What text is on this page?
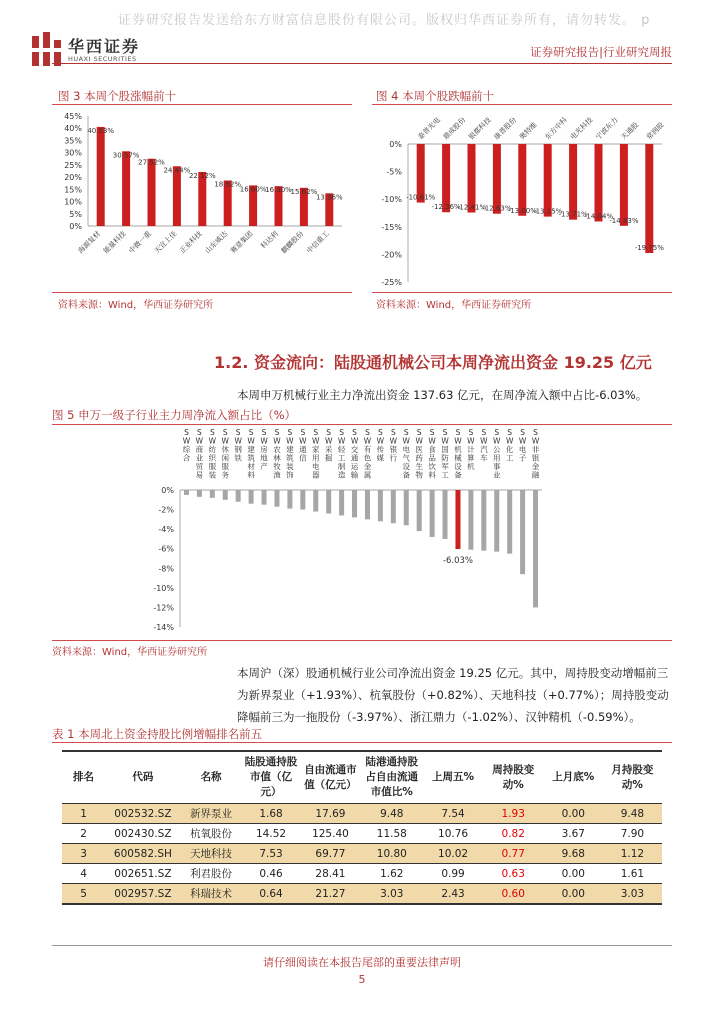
证券研究报告发送给东方财富信息股份有限公司。版权归华西证券所有，请勿转发。 p
华西证券
HUAXI SECURITIES	证券研究报告|行业研究周报
图 3 本周个股涨幅前十
45%
40%
35%
30%
25%
20%
15%
10%
5%
0%
40.53%
海源复材
30.57%
能量科技
27.52%
中微一重
24.44%
天宜上佳
22.12%
正业科技
18.62%
山东威达
16.60%
赛意集团
16.30%
科达利
15.62%
麒麟股份
13.36%
中信重工
资料来源：Wind，华西证券研究所
图 4 本周个股跌幅前十
0%
-5%
-10%
-15%
-20%
-25%
-10.61%
泰普光电
-12.36%
鼎成股份
-12.41%
银都科技
-12.63%
康普股份
-13.00%
奥特维
-13.15%
东方中科
-13.71%
电光科技
-14.04%
宁波东力
-14.83%
天通股
-19.75%
常润股
资料来源：Wind，华西证券研究所
1.2. 资金流向：陆股通机械公司本周净流出资金 19.25 亿元
本周申万机械行业主力净流出资金 137.63 亿元，在周净流入额中占比-6.03%。
图 5 申万一级子行业主力周净流入额占比（%）
0%
-2%
-4%
-6%
-8%
-10%
-12%
-14%
S W 综合
S W 商业贸易
S W 纺织服装
S W 休闲服务
S W 钢铁
S W 建筑材料
S W 房地产
S W 农林牧渔
S W 建筑装饰
S W 通信
S W 家用电器
S W 采掘
S W 轻工制造
S W 交通运输
S W 有色金属
S W 传媒
S W 银行
S W 电气设备
S W 医药生物
S W 食品饮料
S W 国防军工
S W 机械设备
-6.03%
S W 计算机
S W 汽车
S W 公用事业
S W 化工
S W 电子
S W 非银金融
资料来源：Wind，华西证券研究所
本周沪（深）股通机械行业公司净流出资金 19.25 亿元。其中，周持股变动增幅前三为新界泵业（+1.93%）、杭氧股份（+0.82%）、天地科技（+0.77%）；周持股变动降幅前三为一拖股份（-3.97%）、浙江鼎力（-1.02%）、汉钟精机（-0.59%）。
表 1 本周北上资金持股比例增幅排名前五
排名	代码	名称	陆股通持股市值（亿元）	自由流通市值（亿元）	陆港通持股占自由流通市值比%	上周五%	周持股变动%	上月底%	月持股变动%
1	002532.SZ	新界泵业	1.68	17.69	9.48	7.54	1.93	0.00	9.48
2	002430.SZ	杭氧股份	14.52	125.40	11.58	10.76	0.82	3.67	7.90
3	600582.SH	天地科技	7.53	69.77	10.80	10.02	0.77	9.68	1.12
4	002651.SZ	利君股份	0.46	28.41	1.62	0.99	0.63	0.00	1.61
5	002957.SZ	科瑞技术	0.64	21.27	3.03	2.43	0.60	0.00	3.03
请仔细阅读在本报告尾部的重要法律声明
5
